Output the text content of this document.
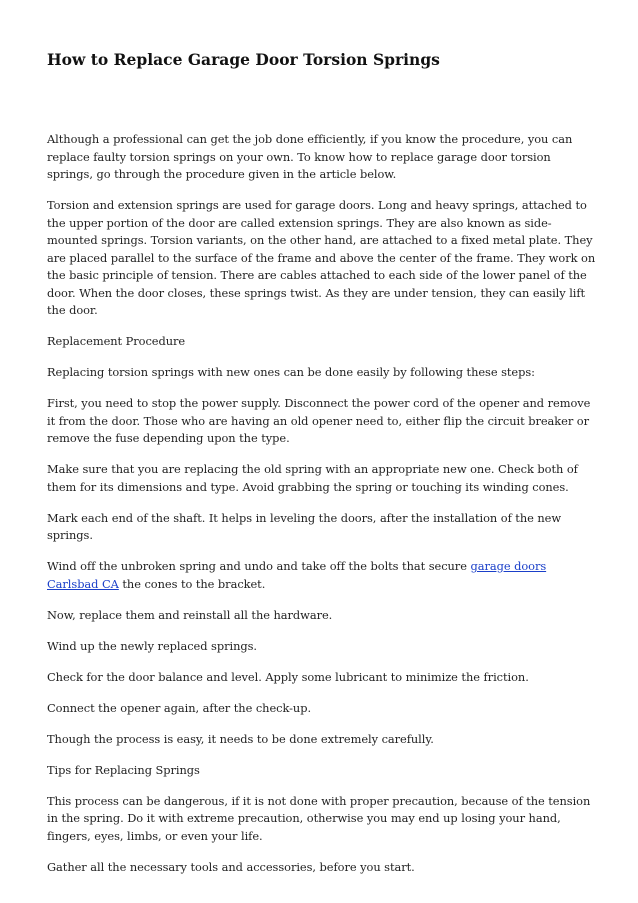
How to Replace Garage Door Torsion Springs

Although a professional can get the job done efficiently, if you know the procedure, you can replace faulty torsion springs on your own. To know how to replace garage door torsion springs, go through the procedure given in the article below.

Torsion and extension springs are used for garage doors. Long and heavy springs, attached to the upper portion of the door are called extension springs. They are also known as side-mounted springs. Torsion variants, on the other hand, are attached to a fixed metal plate. They are placed parallel to the surface of the frame and above the center of the frame. They work on the basic principle of tension. There are cables attached to each side of the lower panel of the door. When the door closes, these springs twist. As they are under tension, they can easily lift the door.

Replacement Procedure

Replacing torsion springs with new ones can be done easily by following these steps:

First, you need to stop the power supply. Disconnect the power cord of the opener and remove it from the door. Those who are having an old opener need to, either flip the circuit breaker or remove the fuse depending upon the type.

Make sure that you are replacing the old spring with an appropriate new one. Check both of them for its dimensions and type. Avoid grabbing the spring or touching its winding cones.

Mark each end of the shaft. It helps in leveling the doors, after the installation of the new springs.

Wind off the unbroken spring and undo and take off the bolts that secure garage doors Carlsbad CA the cones to the bracket.

Now, replace them and reinstall all the hardware.

Wind up the newly replaced springs.

Check for the door balance and level. Apply some lubricant to minimize the friction.

Connect the opener again, after the check-up.

Though the process is easy, it needs to be done extremely carefully.

Tips for Replacing Springs

This process can be dangerous, if it is not done with proper precaution, because of the tension in the spring. Do it with extreme precaution, otherwise you may end up losing your hand, fingers, eyes, limbs, or even your life.

Gather all the necessary tools and accessories, before you start.
